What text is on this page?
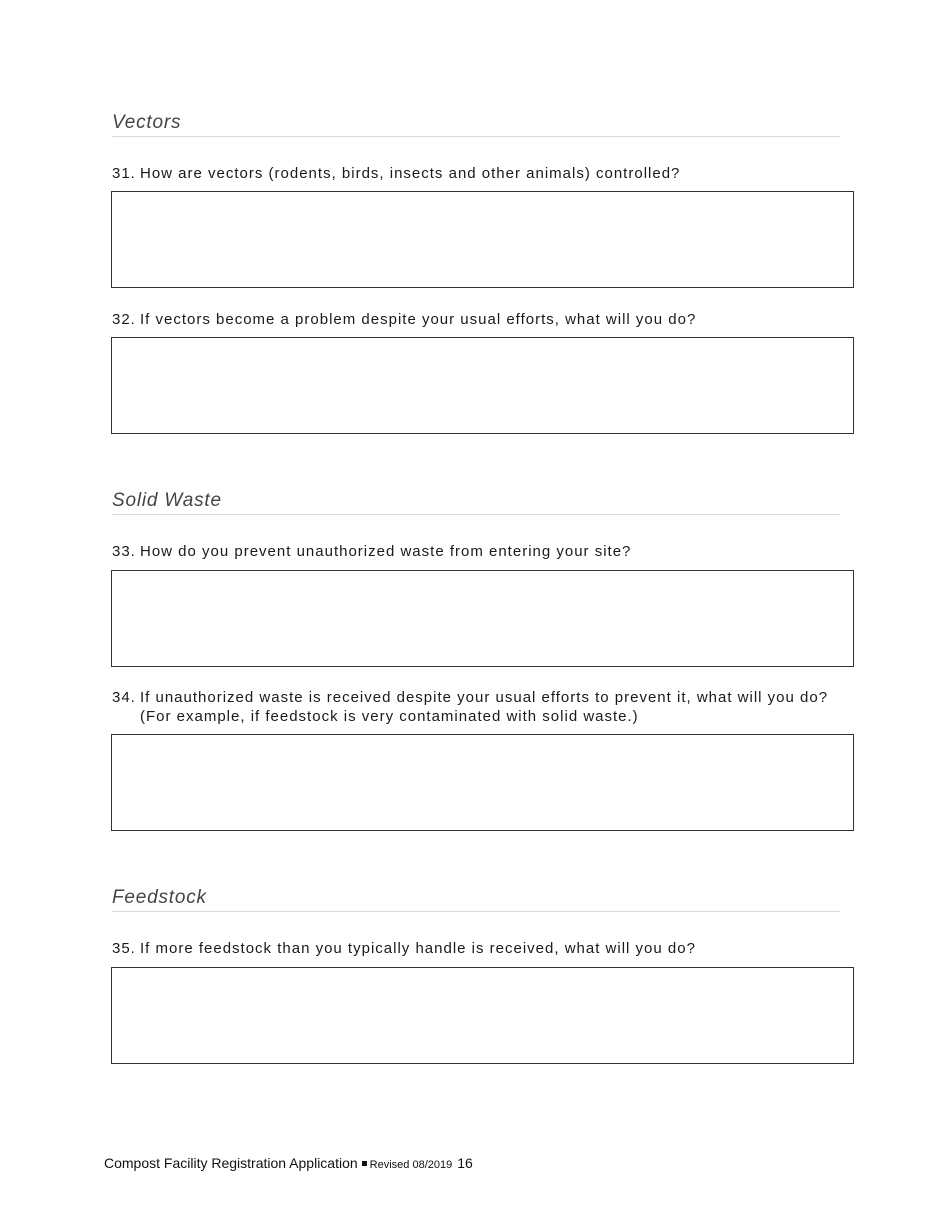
Vectors
31. How are vectors (rodents, birds, insects and other animals) controlled?
32. If vectors become a problem despite your usual efforts, what will you do?
Solid Waste
33. How do you prevent unauthorized waste from entering your site?
34. If unauthorized waste is received despite your usual efforts to prevent it, what will you do? (For example, if feedstock is very contaminated with solid waste.)
Feedstock
35. If more feedstock than you typically handle is received, what will you do?
Compost Facility Registration Application Revised 08/2019 16
